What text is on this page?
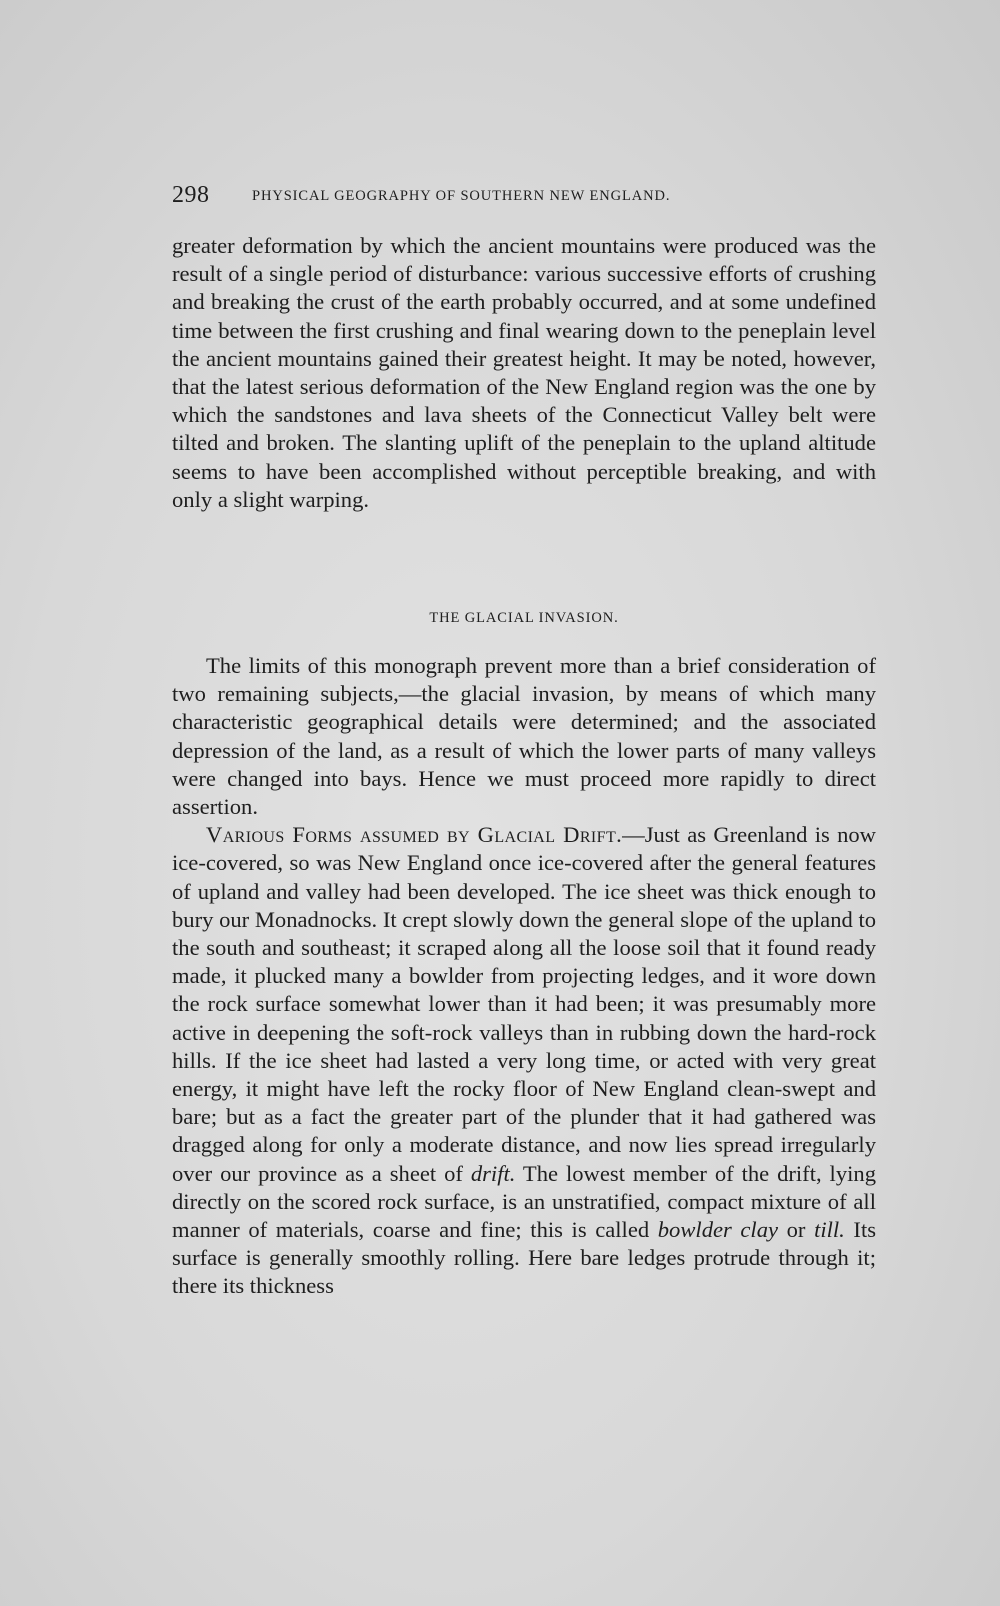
298	PHYSICAL GEOGRAPHY OF SOUTHERN NEW ENGLAND.

greater deformation by which the ancient mountains were produced was the result of a single period of disturbance: various successive efforts of crushing and breaking the crust of the earth probably occurred, and at some undefined time between the first crushing and final wearing down to the peneplain level the ancient mountains gained their greatest height. It may be noted, however, that the latest serious deformation of the New England region was the one by which the sandstones and lava sheets of the Connecticut Valley belt were tilted and broken. The slanting uplift of the peneplain to the upland altitude seems to have been accomplished without perceptible breaking, and with only a slight warping.

THE GLACIAL INVASION.

The limits of this monograph prevent more than a brief consideration of two remaining subjects,—the glacial invasion, by means of which many characteristic geographical details were determined; and the associated depression of the land, as a result of which the lower parts of many valleys were changed into bays. Hence we must proceed more rapidly to direct assertion.

Various Forms assumed by Glacial Drift.—Just as Greenland is now ice-covered, so was New England once ice-covered after the general features of upland and valley had been developed. The ice sheet was thick enough to bury our Monadnocks. It crept slowly down the general slope of the upland to the south and southeast; it scraped along all the loose soil that it found ready made, it plucked many a bowlder from projecting ledges, and it wore down the rock surface somewhat lower than it had been; it was presumably more active in deepening the soft-rock valleys than in rubbing down the hard-rock hills. If the ice sheet had lasted a very long time, or acted with very great energy, it might have left the rocky floor of New England clean-swept and bare; but as a fact the greater part of the plunder that it had gathered was dragged along for only a moderate distance, and now lies spread irregularly over our province as a sheet of drift. The lowest member of the drift, lying directly on the scored rock surface, is an unstratified, compact mixture of all manner of materials, coarse and fine; this is called bowlder clay or till. Its surface is generally smoothly rolling. Here bare ledges protrude through it; there its thickness
